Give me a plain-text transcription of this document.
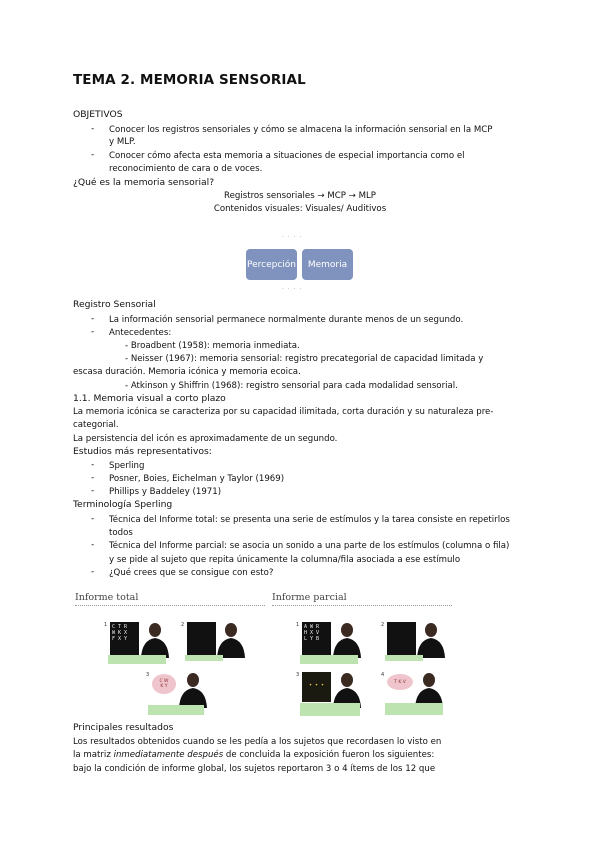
TEMA 2. MEMORIA SENSORIAL
OBJETIVOS
- Conocer los registros sensoriales y cómo se almacena la información sensorial en la MCP
y MLP.
- Conocer cómo afecta esta memoria a situaciones de especial importancia como el
reconocimiento de cara o de voces.
¿Qué es la memoria sensorial?
Registros sensoriales → MCP → MLP
Contenidos visuales: Visuales/ Auditivos
· · · ·
Percepción Memoria
· · · ·
Registro Sensorial
- La información sensorial permanece normalmente durante menos de un segundo.
- Antecedentes:
- Broadbent (1958): memoria inmediata.
- Neisser (1967): memoria sensorial: registro precategorial de capacidad limitada y
escasa duración. Memoria icónica y memoria ecoica.
- Atkinson y Shiffrin (1968): registro sensorial para cada modalidad sensorial.
1.1. Memoria visual a corto plazo
La memoria icónica se caracteriza por su capacidad ilimitada, corta duración y su naturaleza pre-
categorial.
La persistencia del icón es aproximadamente de un segundo.
Estudios más representativos:
- Sperling
- Posner, Boies, Eichelman y Taylor (1969)
- Phillips y Baddeley (1971)
Terminología Sperling
- Técnica del Informe total: se presenta una serie de estímulos y la tarea consiste en repetirlos
todos
- Técnica del Informe parcial: se asocia un sonido a una parte de los estímulos (columna o fila)
y se pide al sujeto que repita únicamente la columna/fila asociada a ese estímulo
- ¿Qué crees que se consigue con esto?
Informe total	Informe parcial
1 C T R
W K X
F X Y
2
3
C W
K Y
1 A W R
H X V
L Y B
2
3
✦ ✦ ✦
4
T K V
Principales resultados
Los resultados obtenidos cuando se les pedía a los sujetos que recordasen lo visto en
la matriz inmediatamente después de concluida la exposición fueron los siguientes:
bajo la condición de informe global, los sujetos reportaron 3 o 4 ítems de los 12 que
